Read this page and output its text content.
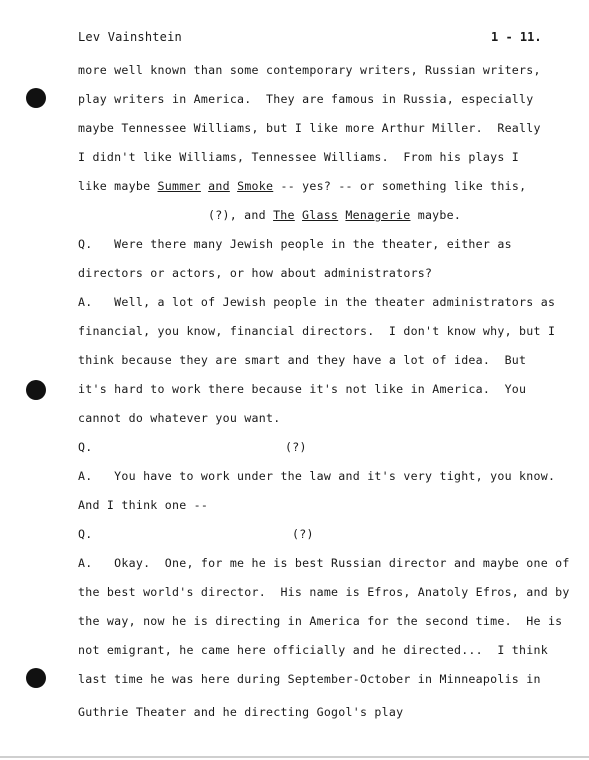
Lev Vainshtein	1 - 11.
more well known than some contemporary writers, Russian writers,
play writers in America.  They are famous in Russia, especially
maybe Tennessee Williams, but I like more Arthur Miller.  Really
I didn't like Williams, Tennessee Williams.  From his plays I
like maybe Summer and Smoke -- yes? -- or something like this,
(?), and The Glass Menagerie maybe.
Q.   Were there many Jewish people in the theater, either as
directors or actors, or how about administrators?
A.   Well, a lot of Jewish people in the theater administrators as
financial, you know, financial directors.  I don't know why, but I
think because they are smart and they have a lot of idea.  But
it's hard to work there because it's not like in America.  You
cannot do whatever you want.
Q.	(?)
A.   You have to work under the law and it's very tight, you know.
And I think one --
Q.	(?)
A.   Okay.  One, for me he is best Russian director and maybe one of
the best world's director.  His name is Efros, Anatoly Efros, and by
the way, now he is directing in America for the second time.  He is
not emigrant, he came here officially and he directed...  I think
last time he was here during September-October in Minneapolis in
Guthrie Theater and he directing Gogol's play
